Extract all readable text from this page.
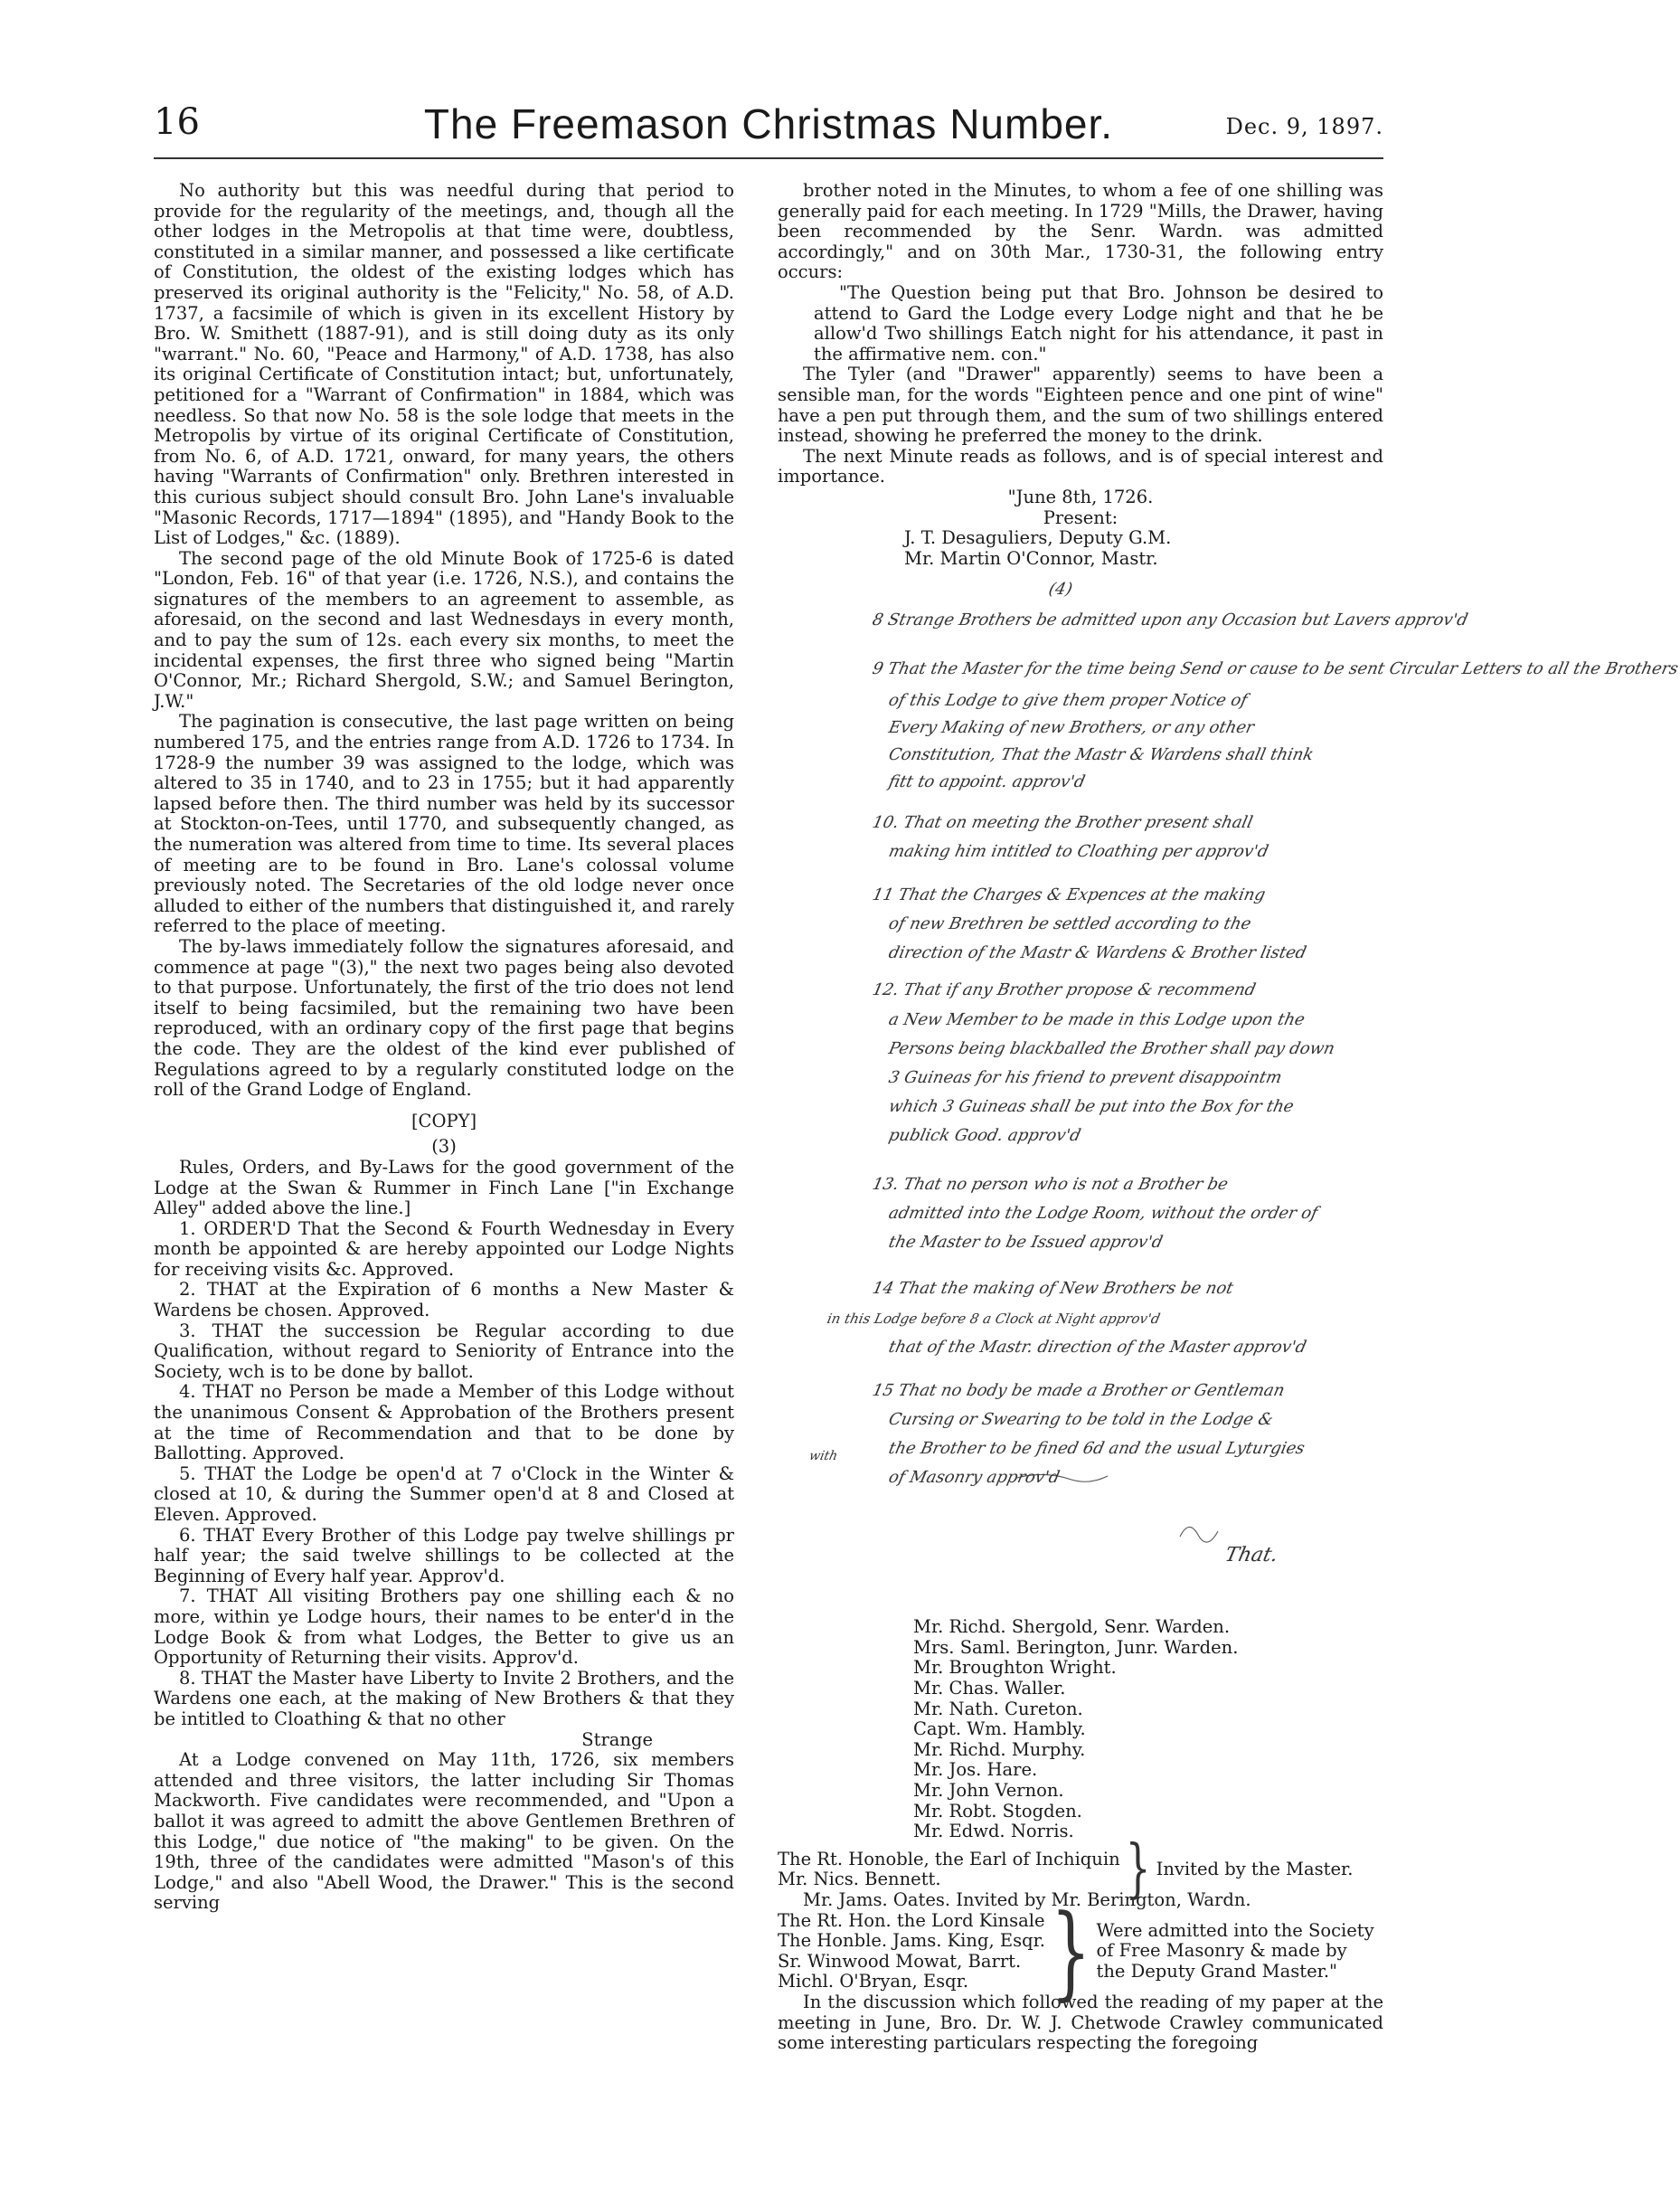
16	The Freemason Christmas Number.	Dec. 9, 1897.

No authority but this was needful during that period to provide for the regularity of the meetings, and, though all the other lodges in the Metropolis at that time were, doubtless, constituted in a similar manner, and possessed a like certificate of Constitution, the oldest of the existing lodges which has preserved its original authority is the "Felicity," No. 58, of A.D. 1737, a facsimile of which is given in its excellent History by Bro. W. Smithett (1887-91), and is still doing duty as its only "warrant." No. 60, "Peace and Harmony," of A.D. 1738, has also its original Certificate of Constitution intact; but, unfortunately, petitioned for a "Warrant of Confirmation" in 1884, which was needless. So that now No. 58 is the sole lodge that meets in the Metropolis by virtue of its original Certificate of Constitution, from No. 6, of A.D. 1721, onward, for many years, the others having "Warrants of Confirmation" only. Brethren interested in this curious subject should consult Bro. John Lane's invaluable "Masonic Records, 1717—1894" (1895), and "Handy Book to the List of Lodges," &c. (1889).

The second page of the old Minute Book of 1725-6 is dated "London, Feb. 16" of that year (i.e. 1726, N.S.), and contains the signatures of the members to an agreement to assemble, as aforesaid, on the second and last Wednesdays in every month, and to pay the sum of 12s. each every six months, to meet the incidental expenses, the first three who signed being "Martin O'Connor, Mr.; Richard Shergold, S.W.; and Samuel Berington, J.W."

The pagination is consecutive, the last page written on being numbered 175, and the entries range from A.D. 1726 to 1734. In 1728-9 the number 39 was assigned to the lodge, which was altered to 35 in 1740, and to 23 in 1755; but it had apparently lapsed before then. The third number was held by its successor at Stockton-on-Tees, until 1770, and subsequently changed, as the numeration was altered from time to time. Its several places of meeting are to be found in Bro. Lane's colossal volume previously noted. The Secretaries of the old lodge never once alluded to either of the numbers that distinguished it, and rarely referred to the place of meeting.

The by-laws immediately follow the signatures aforesaid, and commence at page "(3)," the next two pages being also devoted to that purpose. Unfortunately, the first of the trio does not lend itself to being facsimiled, but the remaining two have been reproduced, with an ordinary copy of the first page that begins the code. They are the oldest of the kind ever published of Regulations agreed to by a regularly constituted lodge on the roll of the Grand Lodge of England.

[COPY]

(3)

Rules, Orders, and By-Laws for the good government of the Lodge at the Swan & Rummer in Finch Lane ["in Exchange Alley" added above the line.]

1. ORDER'D That the Second & Fourth Wednesday in Every month be appointed & are hereby appointed our Lodge Nights for receiving visits &c. Approved.

2. THAT at the Expiration of 6 months a New Master & Wardens be chosen. Approved.

3. THAT the succession be Regular according to due Qualification, without regard to Seniority of Entrance into the Society, wch is to be done by ballot.

4. THAT no Person be made a Member of this Lodge without the unanimous Consent & Approbation of the Brothers present at the time of Recommendation and that to be done by Ballotting. Approved.

5. THAT the Lodge be open'd at 7 o'Clock in the Winter & closed at 10, & during the Summer open'd at 8 and Closed at Eleven. Approved.

6. THAT Every Brother of this Lodge pay twelve shillings pr half year; the said twelve shillings to be collected at the Beginning of Every half year. Approv'd.

7. THAT All visiting Brothers pay one shilling each & no more, within ye Lodge hours, their names to be enter'd in the Lodge Book & from what Lodges, the Better to give us an Opportunity of Returning their visits. Approv'd.

8. THAT the Master have Liberty to Invite 2 Brothers, and the Wardens one each, at the making of New Brothers & that they be intitled to Cloathing & that no other

Strange

At a Lodge convened on May 11th, 1726, six members attended and three visitors, the latter including Sir Thomas Mackworth. Five candidates were recommended, and "Upon a ballot it was agreed to admitt the above Gentlemen Brethren of this Lodge," due notice of "the making" to be given. On the 19th, three of the candidates were admitted "Mason's of this Lodge," and also "Abell Wood, the Drawer." This is the second serving

brother noted in the Minutes, to whom a fee of one shilling was generally paid for each meeting. In 1729 "Mills, the Drawer, having been recommended by the Senr. Wardn. was admitted accordingly," and on 30th Mar., 1730-31, the following entry occurs:

"The Question being put that Bro. Johnson be desired to attend to Gard the Lodge every Lodge night and that he be allow'd Two shillings Eatch night for his attendance, it past in the affirmative nem. con."

The Tyler (and "Drawer" apparently) seems to have been a sensible man, for the words "Eighteen pence and one pint of wine" have a pen put through them, and the sum of two shillings entered instead, showing he preferred the money to the drink.

The next Minute reads as follows, and is of special interest and importance.

"June 8th, 1726.

Present:

J. T. Desaguliers, Deputy G.M.

Mr. Martin O'Connor, Mastr.

(4)
8 Strange Brothers be admitted upon any Occasion but Lavers approv'd
9 That the Master for the time being Send or cause to be sent Circular Letters to all the Brothers
of this Lodge to give them proper Notice of
Every Making of new Brothers, or any other
Constitution, That the Mastr & Wardens shall think
fitt to appoint. approv'd
10. That on meeting the Brother present shall
making him intitled to Cloathing per approv'd
11 That the Charges & Expences at the making
of new Brethren be settled according to the
direction of the Mastr & Wardens & Brother listed
12. That if any Brother propose & recommend
a New Member to be made in this Lodge upon the
Persons being blackballed the Brother shall pay down
3 Guineas for his friend to prevent disappointm
which 3 Guineas shall be put into the Box for the
publick Good. approv'd
13. That no person who is not a Brother be
admitted into the Lodge Room, without the order of
the Master to be Issued approv'd
14 That the making of New Brothers be not
in this Lodge before 8 a Clock at Night approv'd
that of the Mastr. direction of the Master approv'd
15 That no body be made a Brother or Gentleman
Cursing or Swearing to be told in the Lodge &
the Brother to be fined 6d and the usual Lyturgies
of Masonry approv'd
with
That.
Mr. Richd. Shergold, Senr. Warden.
Mrs. Saml. Berington, Junr. Warden.
Mr. Broughton Wright.
Mr. Chas. Waller.
Mr. Nath. Cureton.
Capt. Wm. Hambly.
Mr. Richd. Murphy.
Mr. Jos. Hare.
Mr. John Vernon.
Mr. Robt. Stogden.
Mr. Edwd. Norris.
The Rt. Honoble, the Earl of Inchiquin
Mr. Nics. Bennett.	} Invited by the Master.

Mr. Jams. Oates. Invited by Mr. Berington, Wardn.

The Rt. Hon. the Lord Kinsale
The Honble. Jams. King, Esqr.
Sr. Winwood Mowat, Barrt.
Michl. O'Bryan, Esqr.	} Were admitted into the Society
of Free Masonry & made by
the Deputy Grand Master."

In the discussion which followed the reading of my paper at the meeting in June, Bro. Dr. W. J. Chetwode Crawley communicated some interesting particulars respecting the foregoing
